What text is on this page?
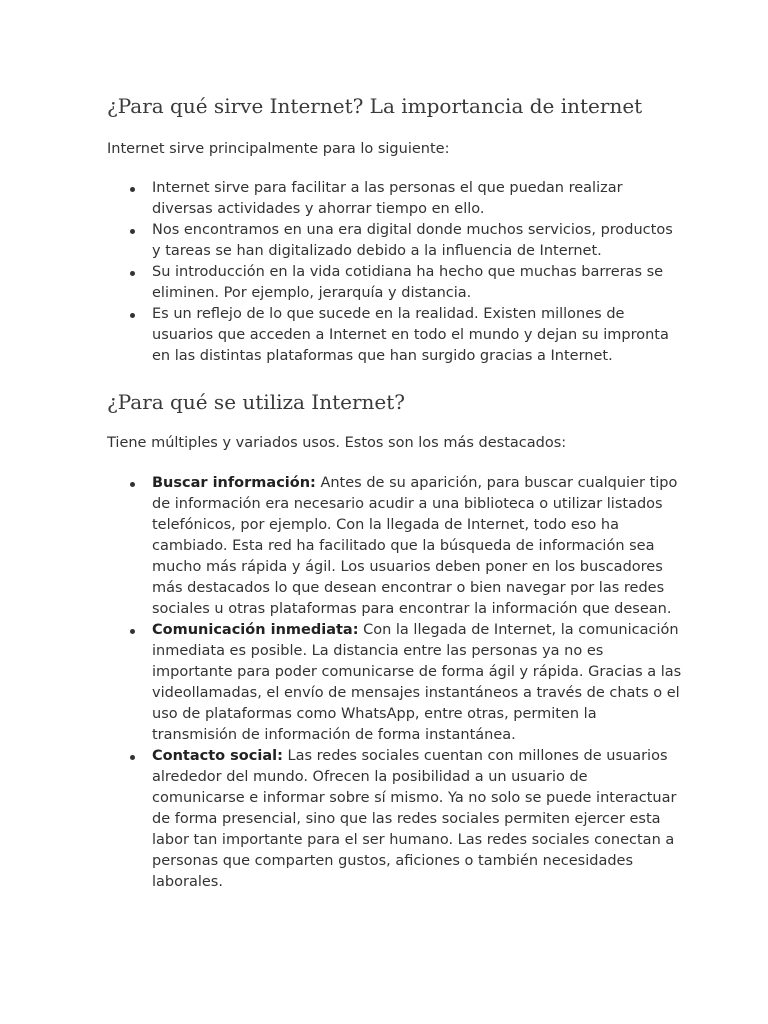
¿Para qué sirve Internet? La importancia de internet

Internet sirve principalmente para lo siguiente:

Internet sirve para facilitar a las personas el que puedan realizar
diversas actividades y ahorrar tiempo en ello.
Nos encontramos en una era digital donde muchos servicios, productos
y tareas se han digitalizado debido a la influencia de Internet.
Su introducción en la vida cotidiana ha hecho que muchas barreras se
eliminen. Por ejemplo, jerarquía y distancia.
Es un reflejo de lo que sucede en la realidad. Existen millones de
usuarios que acceden a Internet en todo el mundo y dejan su impronta
en las distintas plataformas que han surgido gracias a Internet.
¿Para qué se utiliza Internet?

Tiene múltiples y variados usos. Estos son los más destacados:

Buscar información: Antes de su aparición, para buscar cualquier tipo
de información era necesario acudir a una biblioteca o utilizar listados
telefónicos, por ejemplo. Con la llegada de Internet, todo eso ha
cambiado. Esta red ha facilitado que la búsqueda de información sea
mucho más rápida y ágil. Los usuarios deben poner en los buscadores
más destacados lo que desean encontrar o bien navegar por las redes
sociales u otras plataformas para encontrar la información que desean.
Comunicación inmediata: Con la llegada de Internet, la comunicación
inmediata es posible. La distancia entre las personas ya no es
importante para poder comunicarse de forma ágil y rápida. Gracias a las
videollamadas, el envío de mensajes instantáneos a través de chats o el
uso de plataformas como WhatsApp, entre otras, permiten la
transmisión de información de forma instantánea.
Contacto social: Las redes sociales cuentan con millones de usuarios
alrededor del mundo. Ofrecen la posibilidad a un usuario de
comunicarse e informar sobre sí mismo. Ya no solo se puede interactuar
de forma presencial, sino que las redes sociales permiten ejercer esta
labor tan importante para el ser humano. Las redes sociales conectan a
personas que comparten gustos, aficiones o también necesidades
laborales.
